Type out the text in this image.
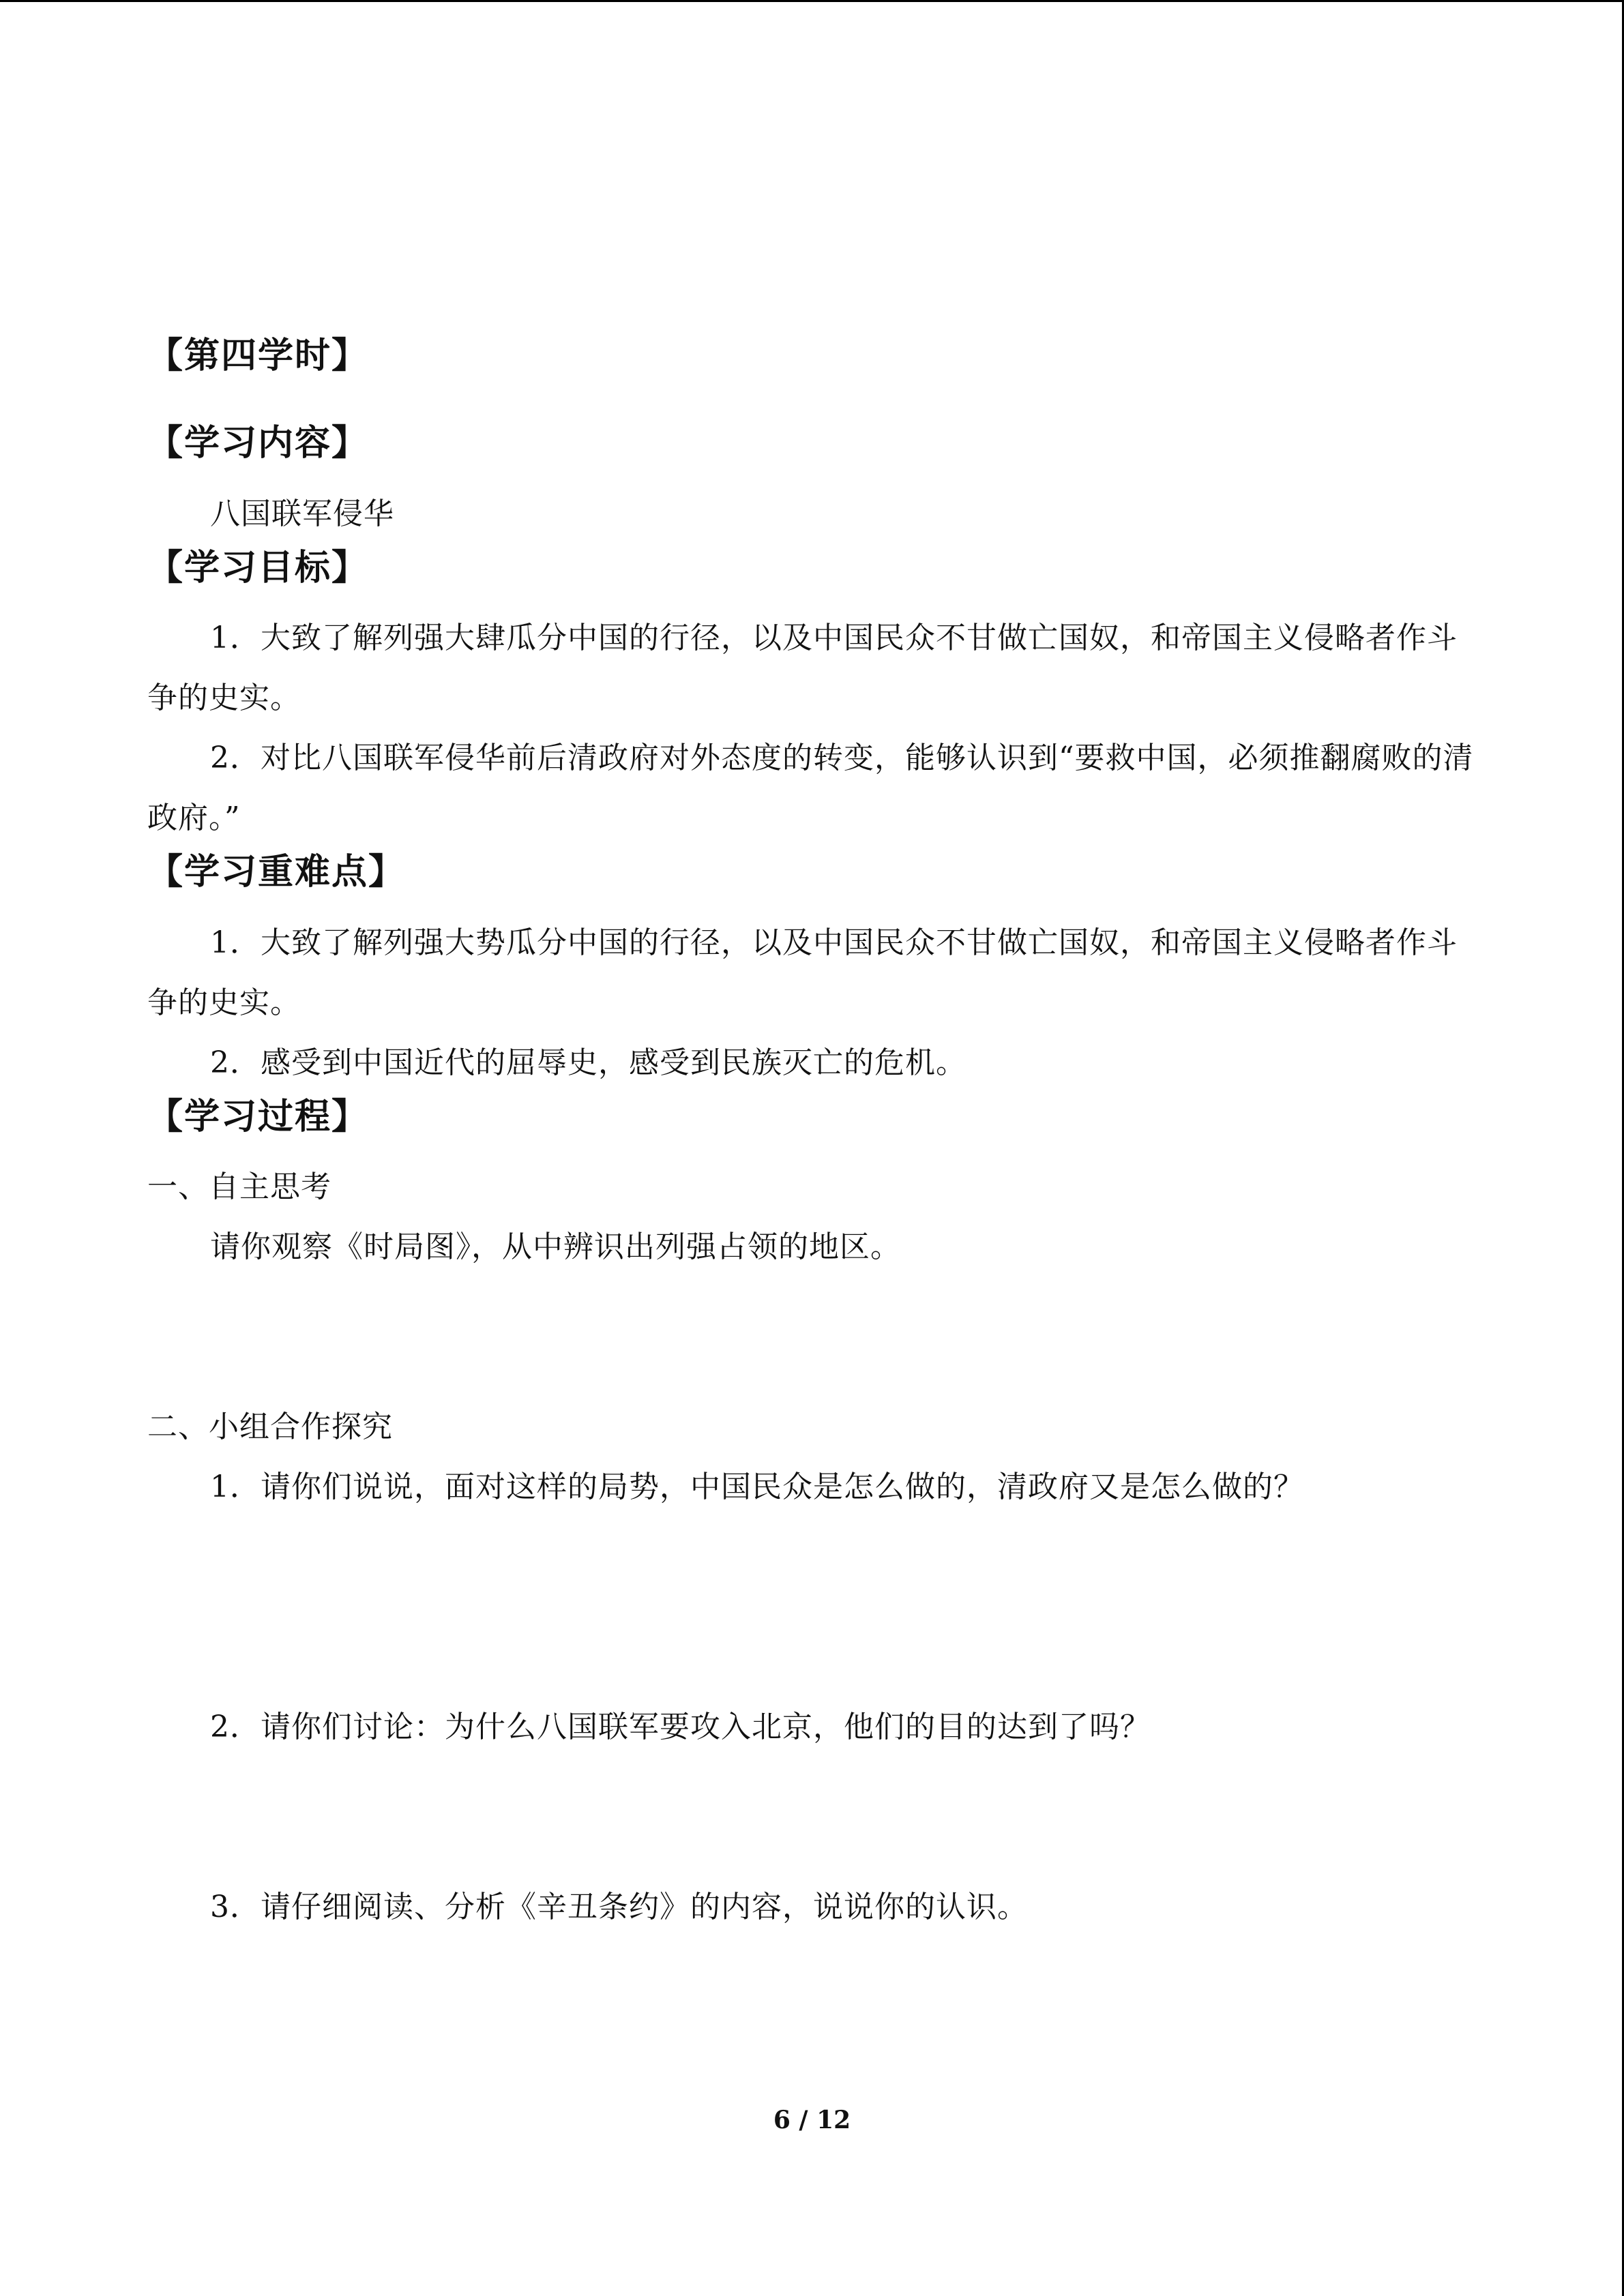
【第四学时】
【学习内容】

八国联军侵华

【学习目标】

1．大致了解列强大肆瓜分中国的行径，以及中国民众不甘做亡国奴，和帝国主义侵略者作斗争的史实。

2．对比八国联军侵华前后清政府对外态度的转变，能够认识到“要救中国，必须推翻腐败的清政府。”

【学习重难点】

1．大致了解列强大势瓜分中国的行径，以及中国民众不甘做亡国奴，和帝国主义侵略者作斗争的史实。

2．感受到中国近代的屈辱史，感受到民族灭亡的危机。

【学习过程】

一、自主思考

请你观察《时局图》，从中辨识出列强占领的地区。

二、小组合作探究

1．请你们说说，面对这样的局势，中国民众是怎么做的，清政府又是怎么做的？

2．请你们讨论：为什么八国联军要攻入北京，他们的目的达到了吗？

3．请仔细阅读、分析《辛丑条约》的内容，说说你的认识。

6 / 12
